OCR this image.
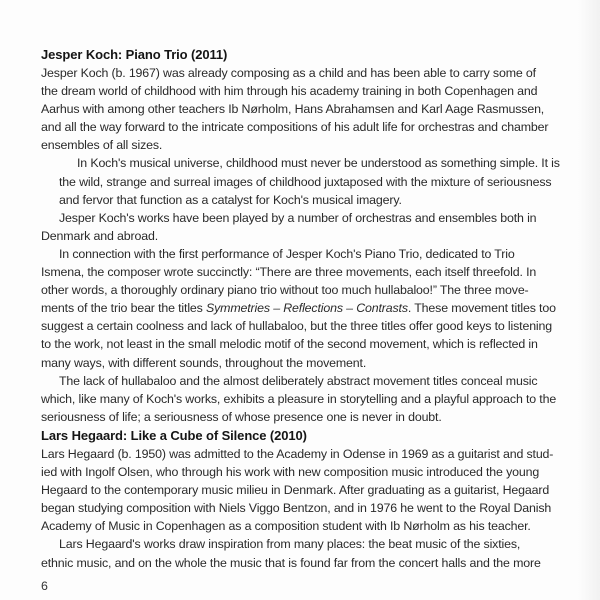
Jesper Koch: Piano Trio (2011)

Jesper Koch (b. 1967) was already composing as a child and has been able to carry some of
the dream world of childhood with him through his academy training in both Copenhagen and
Aarhus with among other teachers Ib Nørholm, Hans Abrahamsen and Karl Aage Rasmussen,
and all the way forward to the intricate compositions of his adult life for orchestras and chamber
ensembles of all sizes.

In Koch's musical universe, childhood must never be understood as something simple. It is
the wild, strange and surreal images of childhood juxtaposed with the mixture of seriousness
and fervor that function as a catalyst for Koch's musical imagery.

Jesper Koch's works have been played by a number of orchestras and ensembles both in
Denmark and abroad.

In connection with the first performance of Jesper Koch's Piano Trio, dedicated to Trio
Ismena, the composer wrote succinctly: “There are three movements, each itself threefold. In
other words, a thoroughly ordinary piano trio without too much hullabaloo!” The three move-
ments of the trio bear the titles Symmetries – Reflections – Contrasts. These movement titles too
suggest a certain coolness and lack of hullabaloo, but the three titles offer good keys to listening
to the work, not least in the small melodic motif of the second movement, which is reflected in
many ways, with different sounds, throughout the movement.

The lack of hullabaloo and the almost deliberately abstract movement titles conceal music
which, like many of Koch's works, exhibits a pleasure in storytelling and a playful approach to the
seriousness of life; a seriousness of whose presence one is never in doubt.

Lars Hegaard: Like a Cube of Silence (2010)

Lars Hegaard (b. 1950) was admitted to the Academy in Odense in 1969 as a guitarist and stud-
ied with Ingolf Olsen, who through his work with new composition music introduced the young
Hegaard to the contemporary music milieu in Denmark. After graduating as a guitarist, Hegaard
began studying composition with Niels Viggo Bentzon, and in 1976 he went to the Royal Danish
Academy of Music in Copenhagen as a composition student with Ib Nørholm as his teacher.

Lars Hegaard's works draw inspiration from many places: the beat music of the sixties,
ethnic music, and on the whole the music that is found far from the concert halls and the more

6
